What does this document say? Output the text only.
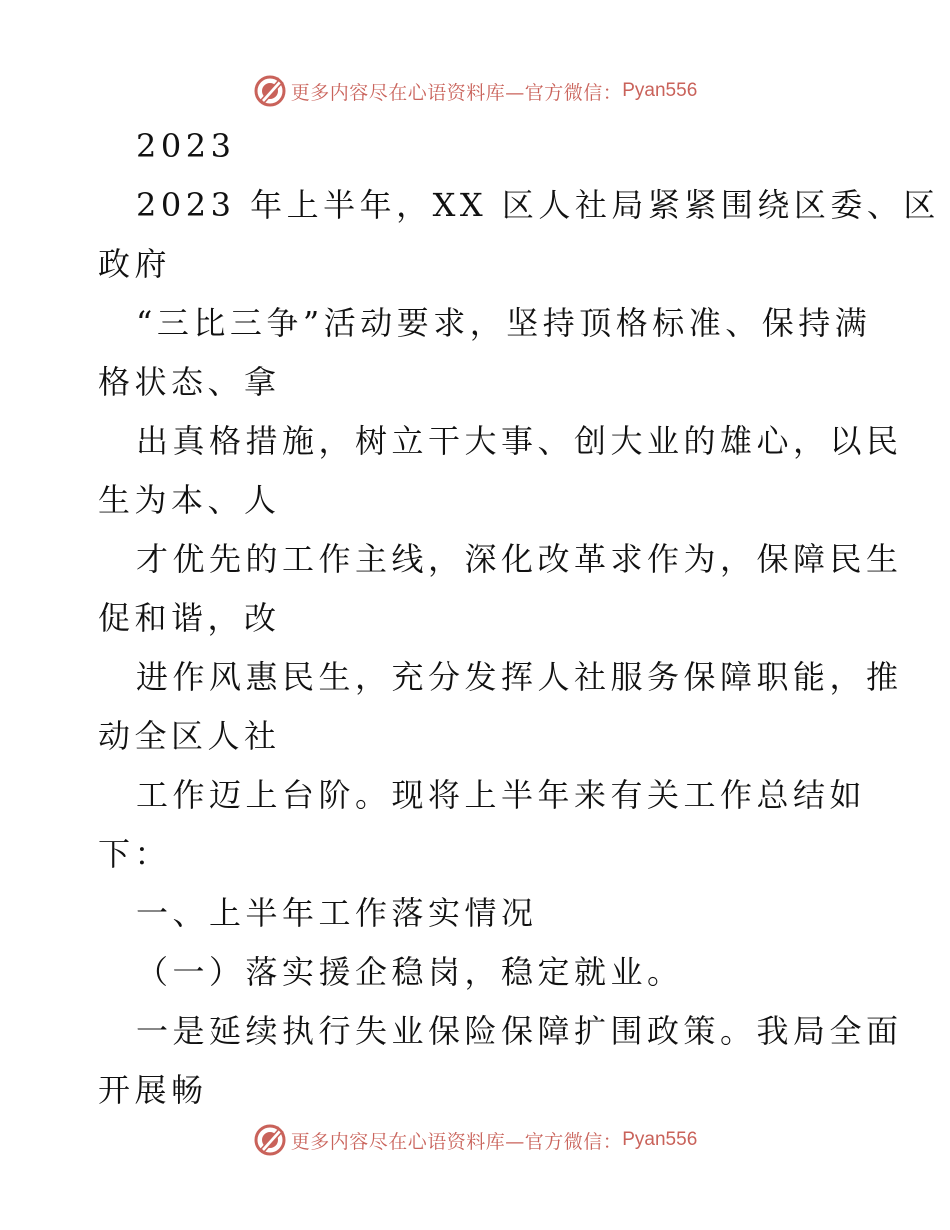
更多内容尽在心语资料库—官方微信： Pyan556
2023
2023 年上半年，XX 区人社局紧紧围绕区委、区
政府
“三比三争”活动要求，坚持顶格标准、保持满
格状态、拿
出真格措施，树立干大事、创大业的雄心，以民
生为本、人
才优先的工作主线，深化改革求作为，保障民生
促和谐，改
进作风惠民生，充分发挥人社服务保障职能，推
动全区人社
工作迈上台阶。现将上半年来有关工作总结如
下：
一、上半年工作落实情况
（一）落实援企稳岗，稳定就业。
一是延续执行失业保险保障扩围政策。我局全面
开展畅
更多内容尽在心语资料库—官方微信： Pyan556
